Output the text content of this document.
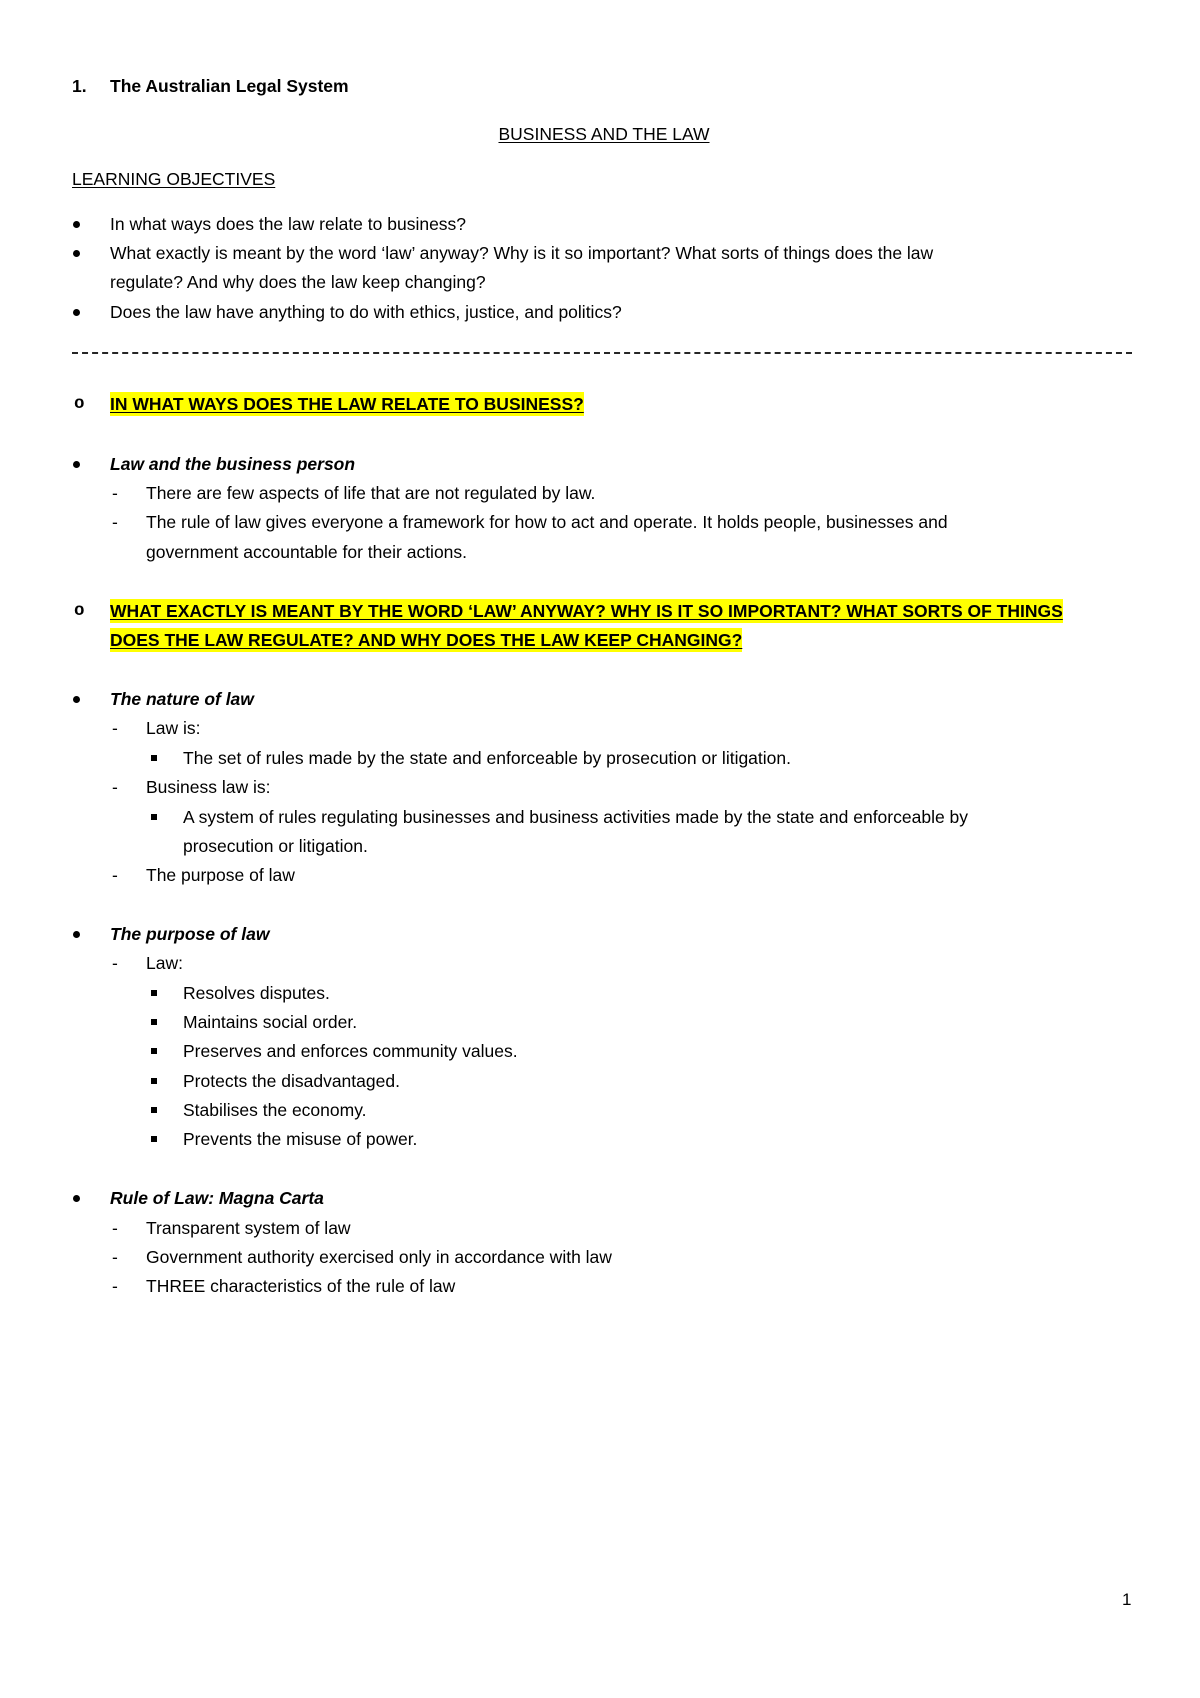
1. The Australian Legal System
BUSINESS AND THE LAW
LEARNING OBJECTIVES
In what ways does the law relate to business?
What exactly is meant by the word ‘law’ anyway? Why is it so important? What sorts of things does the law
regulate? And why does the law keep changing?
Does the law have anything to do with ethics, justice, and politics?
o IN WHAT WAYS DOES THE LAW RELATE TO BUSINESS?
Law and the business person
- There are few aspects of life that are not regulated by law.
- The rule of law gives everyone a framework for how to act and operate. It holds people, businesses and
government accountable for their actions.
o WHAT EXACTLY IS MEANT BY THE WORD ‘LAW’ ANYWAY? WHY IS IT SO IMPORTANT? WHAT SORTS OF THINGS
DOES THE LAW REGULATE? AND WHY DOES THE LAW KEEP CHANGING?
The nature of law
- Law is:
The set of rules made by the state and enforceable by prosecution or litigation.
- Business law is:
A system of rules regulating businesses and business activities made by the state and enforceable by
prosecution or litigation.
- The purpose of law
The purpose of law
- Law:
Resolves disputes.
Maintains social order.
Preserves and enforces community values.
Protects the disadvantaged.
Stabilises the economy.
Prevents the misuse of power.
Rule of Law: Magna Carta
- Transparent system of law
- Government authority exercised only in accordance with law
- THREE characteristics of the rule of law
1
